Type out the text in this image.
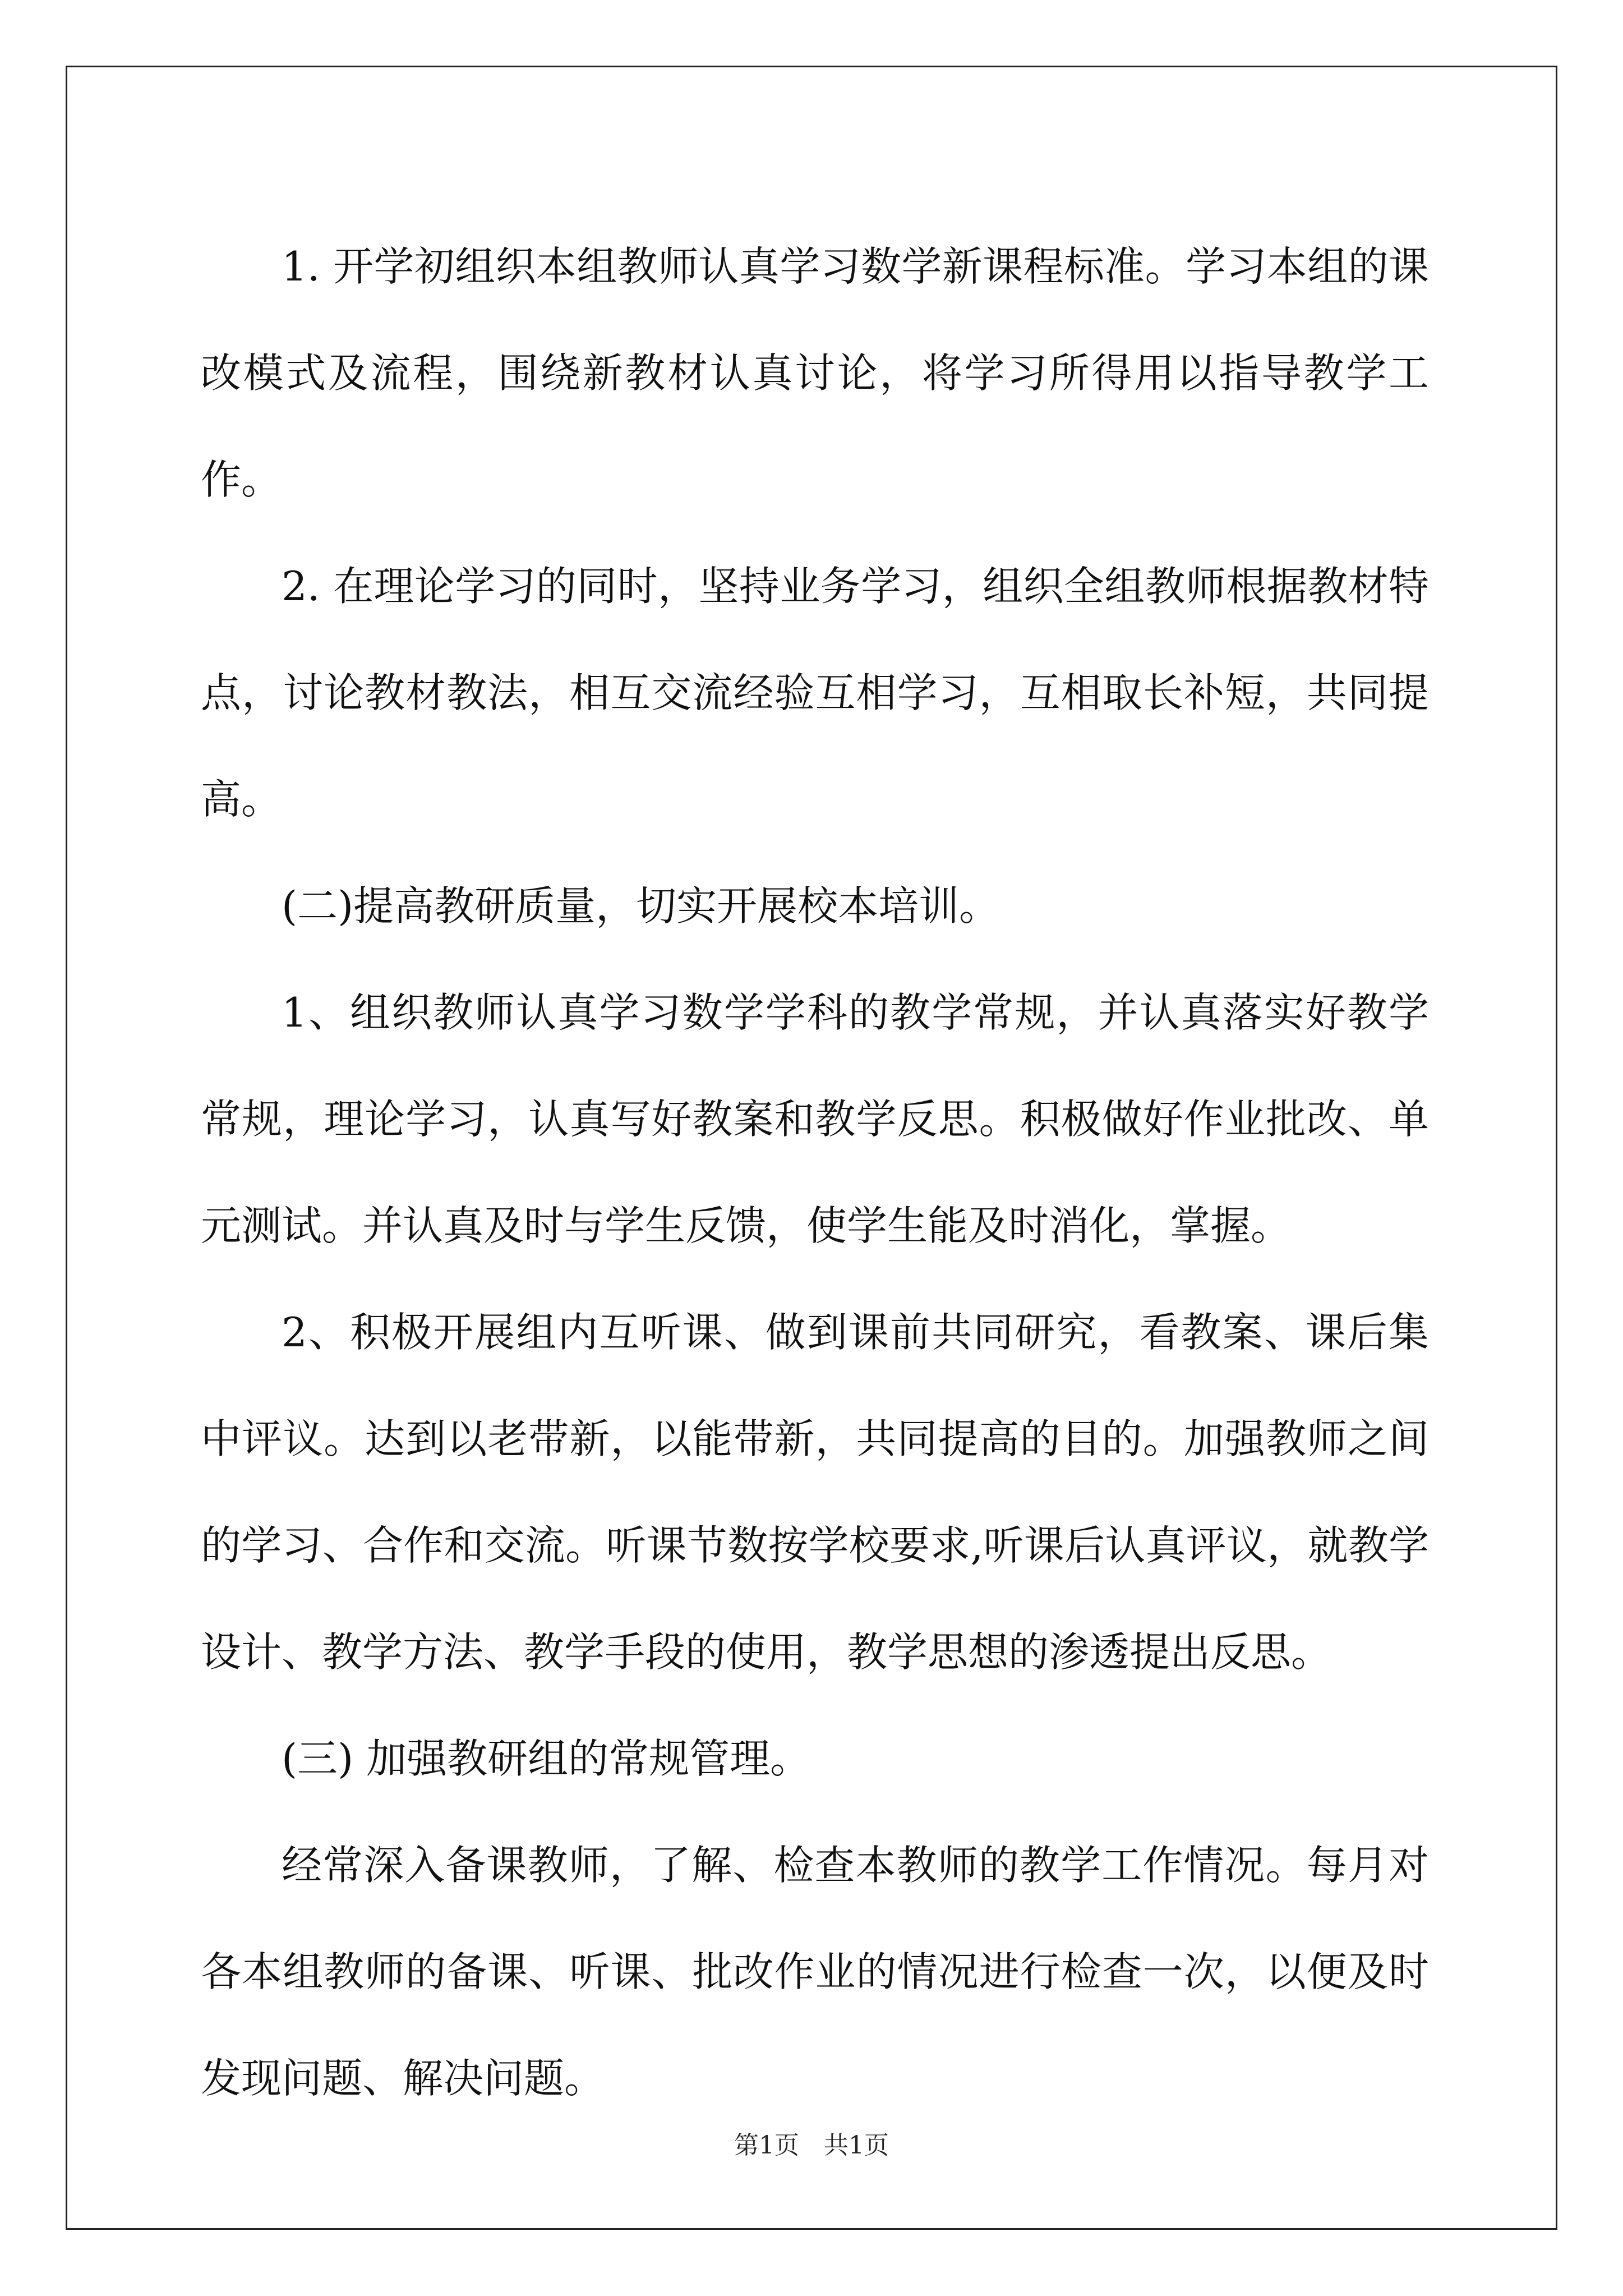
1. 开学初组织本组教师认真学习数学新课程标准。学习本组的课改模式及流程，围绕新教材认真讨论，将学习所得用以指导教学工作。

2. 在理论学习的同时，坚持业务学习，组织全组教师根据教材特点，讨论教材教法，相互交流经验互相学习，互相取长补短，共同提高。

(二)提高教研质量，切实开展校本培训。

1、组织教师认真学习数学学科的教学常规，并认真落实好教学常规，理论学习，认真写好教案和教学反思。积极做好作业批改、单元测试。并认真及时与学生反馈，使学生能及时消化，掌握。

2、积极开展组内互听课、做到课前共同研究，看教案、课后集中评议。达到以老带新，以能带新，共同提高的目的。加强教师之间的学习、合作和交流。听课节数按学校要求,听课后认真评议，就教学设计、教学方法、教学手段的使用，教学思想的渗透提出反思。

(三) 加强教研组的常规管理。

经常深入备课教师，了解、检查本教师的教学工作情况。每月对各本组教师的备课、听课、批改作业的情况进行检查一次，以便及时发现问题、解决问题。

第1页　共1页
